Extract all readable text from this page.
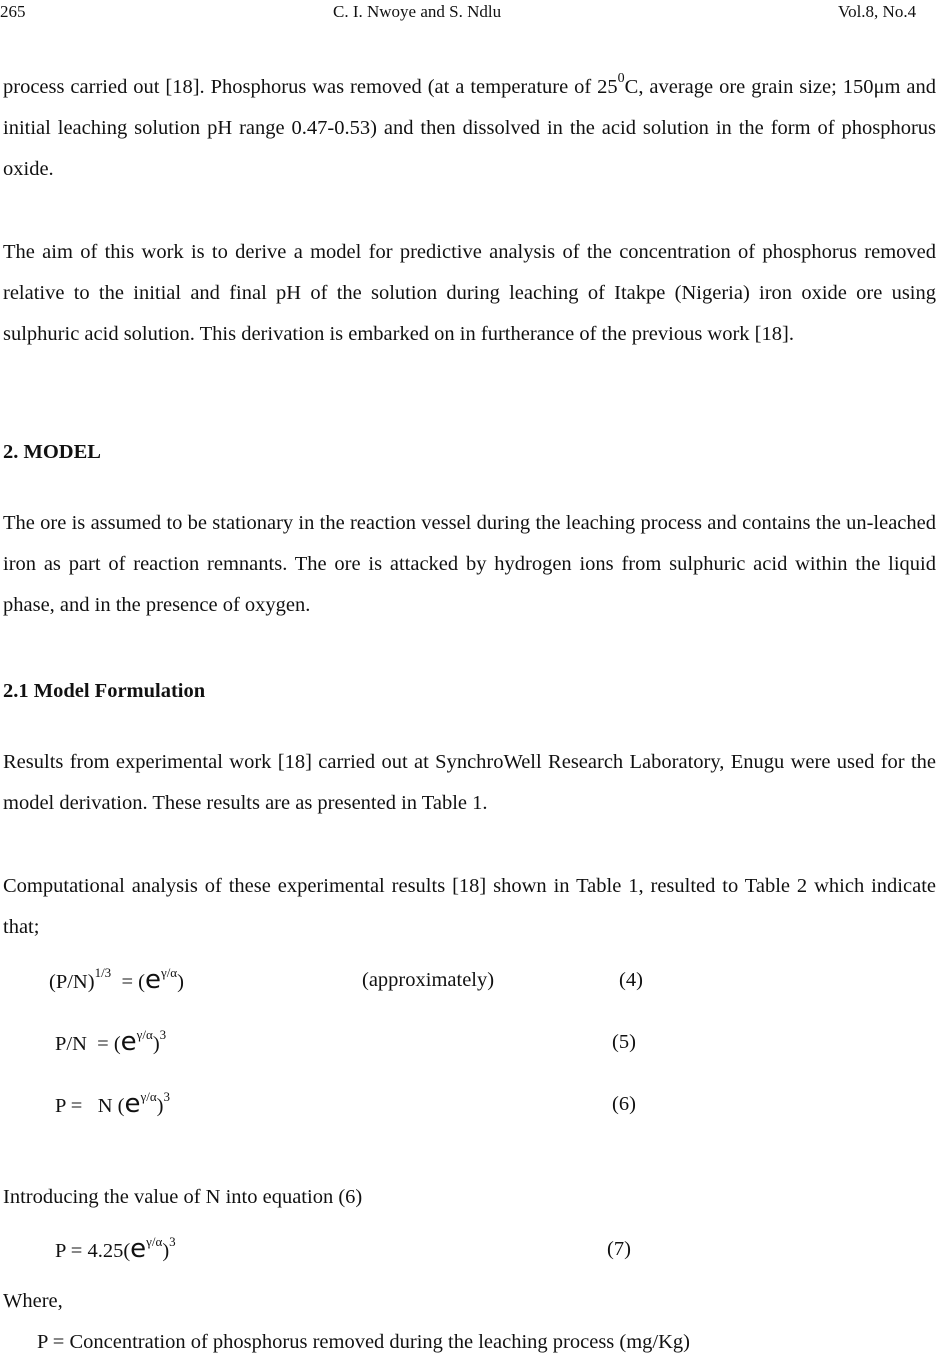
265	C. I. Nwoye and S. Ndlu	Vol.8, No.4

process carried out [18]. Phosphorus was removed (at a temperature of $25^0C$, average ore grain size; 150μm and initial leaching solution pH range 0.47-0.53) and then dissolved in the acid solution in the form of phosphorus oxide.

The aim of this work is to derive a model for predictive analysis of the concentration of phosphorus removed relative to the initial and final pH of the solution during leaching of Itakpe (Nigeria) iron oxide ore using sulphuric acid solution. This derivation is embarked on in furtherance of the previous work [18].

2. MODEL

The ore is assumed to be stationary in the reaction vessel during the leaching process and contains the un-leached iron as part of reaction remnants. The ore is attacked by hydrogen ions from sulphuric acid within the liquid phase, and in the presence of oxygen.

2.1 Model Formulation

Results from experimental work [18] carried out at SynchroWell Research Laboratory, Enugu were used for the model derivation. These results are as presented in Table 1.

Computational analysis of these experimental results [18] shown in Table 1, resulted to Table 2 which indicate that;

$(P/N)^{1/3} = (e^{\gamma/\alpha})$	(approximately)	(4)
$P/N = (e^{\gamma/\alpha})^3$	(5)
P =   N $(e^{\gamma/\alpha})^3$	(6)
Introducing the value of N into equation (6)
$P = 4.25(e^{\gamma/\alpha})^3$	(7)
Where,
P = Concentration of phosphorus removed during the leaching process (mg/Kg)
